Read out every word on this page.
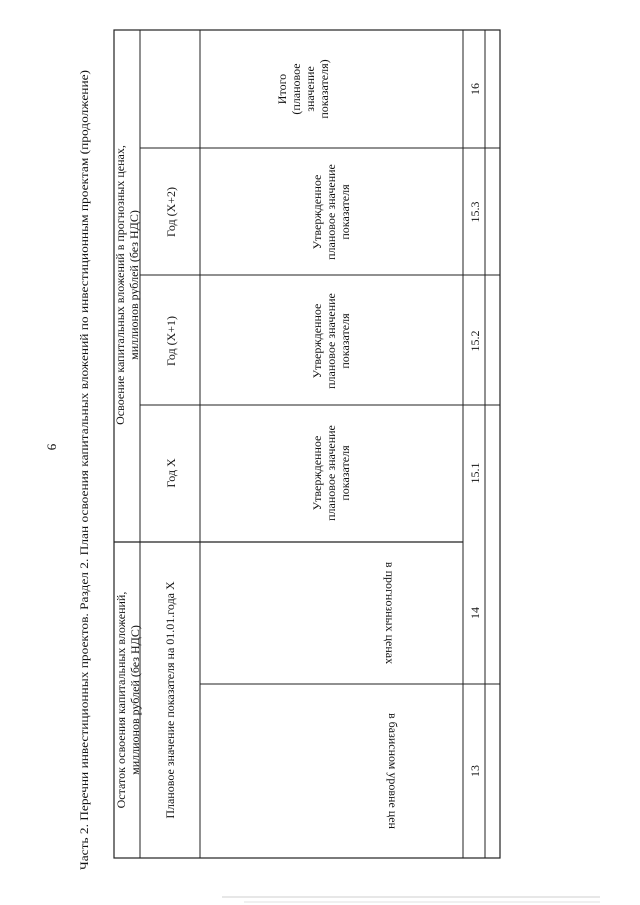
9 Часть 2. Перечни инвестиционных проектов. Раздел 2. План освоения капитальных вложений по инвестиционным проектам (продолжение) Остаток освоения капитальных вложений, миллионов рублей (без НДС) Плановое значение показателя на 01.01.года Х	в базисном уровне цен
в прогнозных ценах
Освоение капитальных вложений в прогнозных ценах, миллионов рублей (без НДС)
Год Х
Год (Х+1)
Год (Х+2)
Утвержденное плановое значение показателя
Утвержденное плановое значение показателя
Утвержденное плановое значение показателя
Итого (плановое значение показателя)
13
14
15.1
15.2
15.3
16
